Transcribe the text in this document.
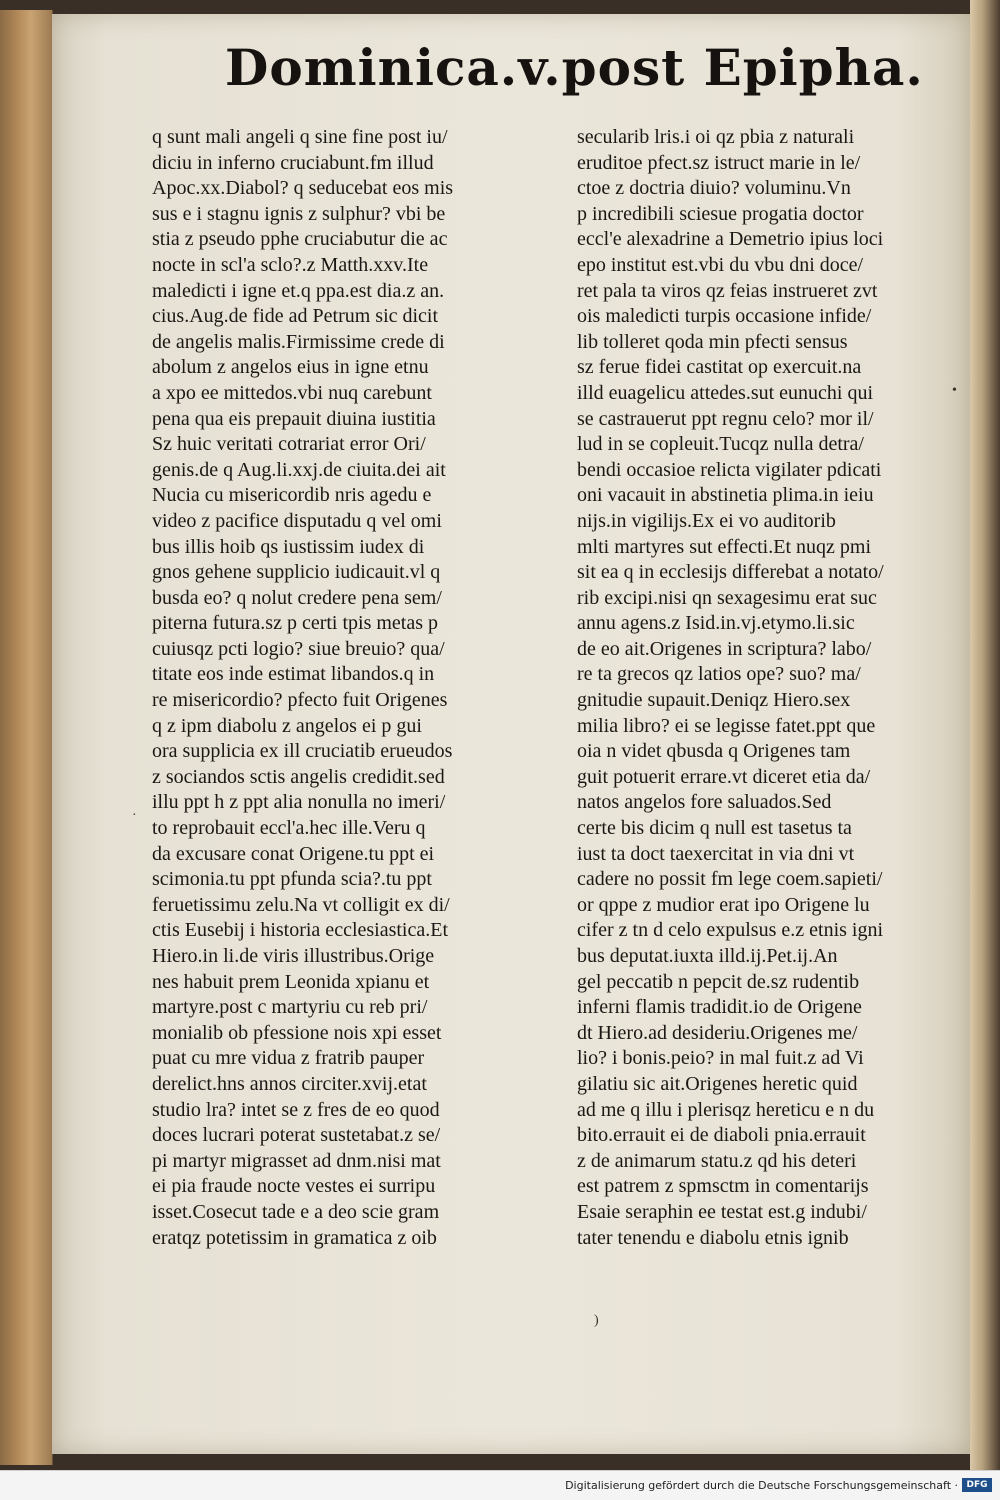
Dominica.v.post Epipha.
q sunt mali angeli q sine fine post iu/
diciu in inferno cruciabunt.fm illud
Apoc.xx.Diabol? q seducebat eos mis
sus e i stagnu ignis z sulphur? vbi be
stia z pseudo pphe cruciabutur die ac
nocte in scl'a sclo?.z Matth.xxv.Ite
maledicti i igne et.q ppa.est dia.z an.
cius.Aug.de fide ad Petrum sic dicit
de angelis malis.Firmissime crede di
abolum z angelos eius in igne etnu
a xpo ee mittedos.vbi nuq carebunt
pena qua eis prepauit diuina iustitia
Sz huic veritati cotrariat error Ori/
genis.de q Aug.li.xxj.de ciuita.dei ait
Nucia cu misericordib nris agedu e
video z pacifice disputadu q vel omi
bus illis hoib qs iustissim iudex di
gnos gehene supplicio iudicauit.vl q
busda eo? q nolut credere pena sem/
piterna futura.sz p certi tpis metas p
cuiusqz pcti logio? siue breuio? qua/
titate eos inde estimat libandos.q in
re misericordio? pfecto fuit Origenes
q z ipm diabolu z angelos ei p gui
ora supplicia ex ill cruciatib erueudos
z sociandos sctis angelis credidit.sed
illu ppt h z ppt alia nonulla no imeri/
to reprobauit eccl'a.hec ille.Veru q
da excusare conat Origene.tu ppt ei
scimonia.tu ppt pfunda scia?.tu ppt
feruetissimu zelu.Na vt colligit ex di/
ctis Eusebij i historia ecclesiastica.Et
Hiero.in li.de viris illustribus.Orige
nes habuit prem Leonida xpianu et
martyre.post c martyriu cu reb pri/
monialib ob pfessione nois xpi esset
puat cu mre vidua z fratrib pauper
derelict.hns annos circiter.xvij.etat
studio lra? intet se z fres de eo quod
doces lucrari poterat sustetabat.z se/
pi martyr migrasset ad dnm.nisi mat
ei pia fraude nocte vestes ei surripu
isset.Cosecut tade e a deo scie gram
eratqz potetissim in gramatica z oib
secularib lris.i oi qz pbia z naturali
eruditoe pfect.sz istruct marie in le/
ctoe z doctria diuio? voluminu.Vn
p incredibili sciesue progatia doctor
eccl'e alexadrine a Demetrio ipius loci
epo institut est.vbi du vbu dni doce/
ret pala ta viros qz feias instrueret zvt
ois maledicti turpis occasione infide/
lib tolleret qoda min pfecti sensus
sz ferue fidei castitat op exercuit.na
illd euagelicu attedes.sut eunuchi qui
se castrauerut ppt regnu celo? mor il/
lud in se copleuit.Tucqz nulla detra/
bendi occasioe relicta vigilater pdicati
oni vacauit in abstinetia plima.in ieiu
nijs.in vigilijs.Ex ei vo auditorib
mlti martyres sut effecti.Et nuqz pmi
sit ea q in ecclesijs differebat a notato/
rib excipi.nisi qn sexagesimu erat suc
annu agens.z Isid.in.vj.etymo.li.sic
de eo ait.Origenes in scriptura? labo/
re ta grecos qz latios ope? suo? ma/
gnitudie supauit.Deniqz Hiero.sex
milia libro? ei se legisse fatet.ppt que
oia n videt qbusda q Origenes tam
guit potuerit errare.vt diceret etia da/
natos angelos fore saluados.Sed
certe bis dicim q null est tasetus ta
iust ta doct taexercitat in via dni vt
cadere no possit fm lege coem.sapieti/
or qppe z mudior erat ipo Origene lu
cifer z tn d celo expulsus e.z etnis igni
bus deputat.iuxta illd.ij.Pet.ij.An
gel peccatib n pepcit de.sz rudentib
inferni flamis tradidit.io de Origene
dt Hiero.ad desideriu.Origenes me/
lio? i bonis.peio? in mal fuit.z ad Vi
gilatiu sic ait.Origenes heretic quid
ad me q illu i plerisqz hereticu e n du
bito.errauit ei de diaboli pnia.errauit
z de animarum statu.z qd his deteri
est patrem z spmsctm in comentarijs
Esaie seraphin ee testat est.g indubi/
tater tenendu e diabolu etnis ignib
·
•
)
Digitalisierung gefördert durch die Deutsche Forschungsgemeinschaft · DFG
